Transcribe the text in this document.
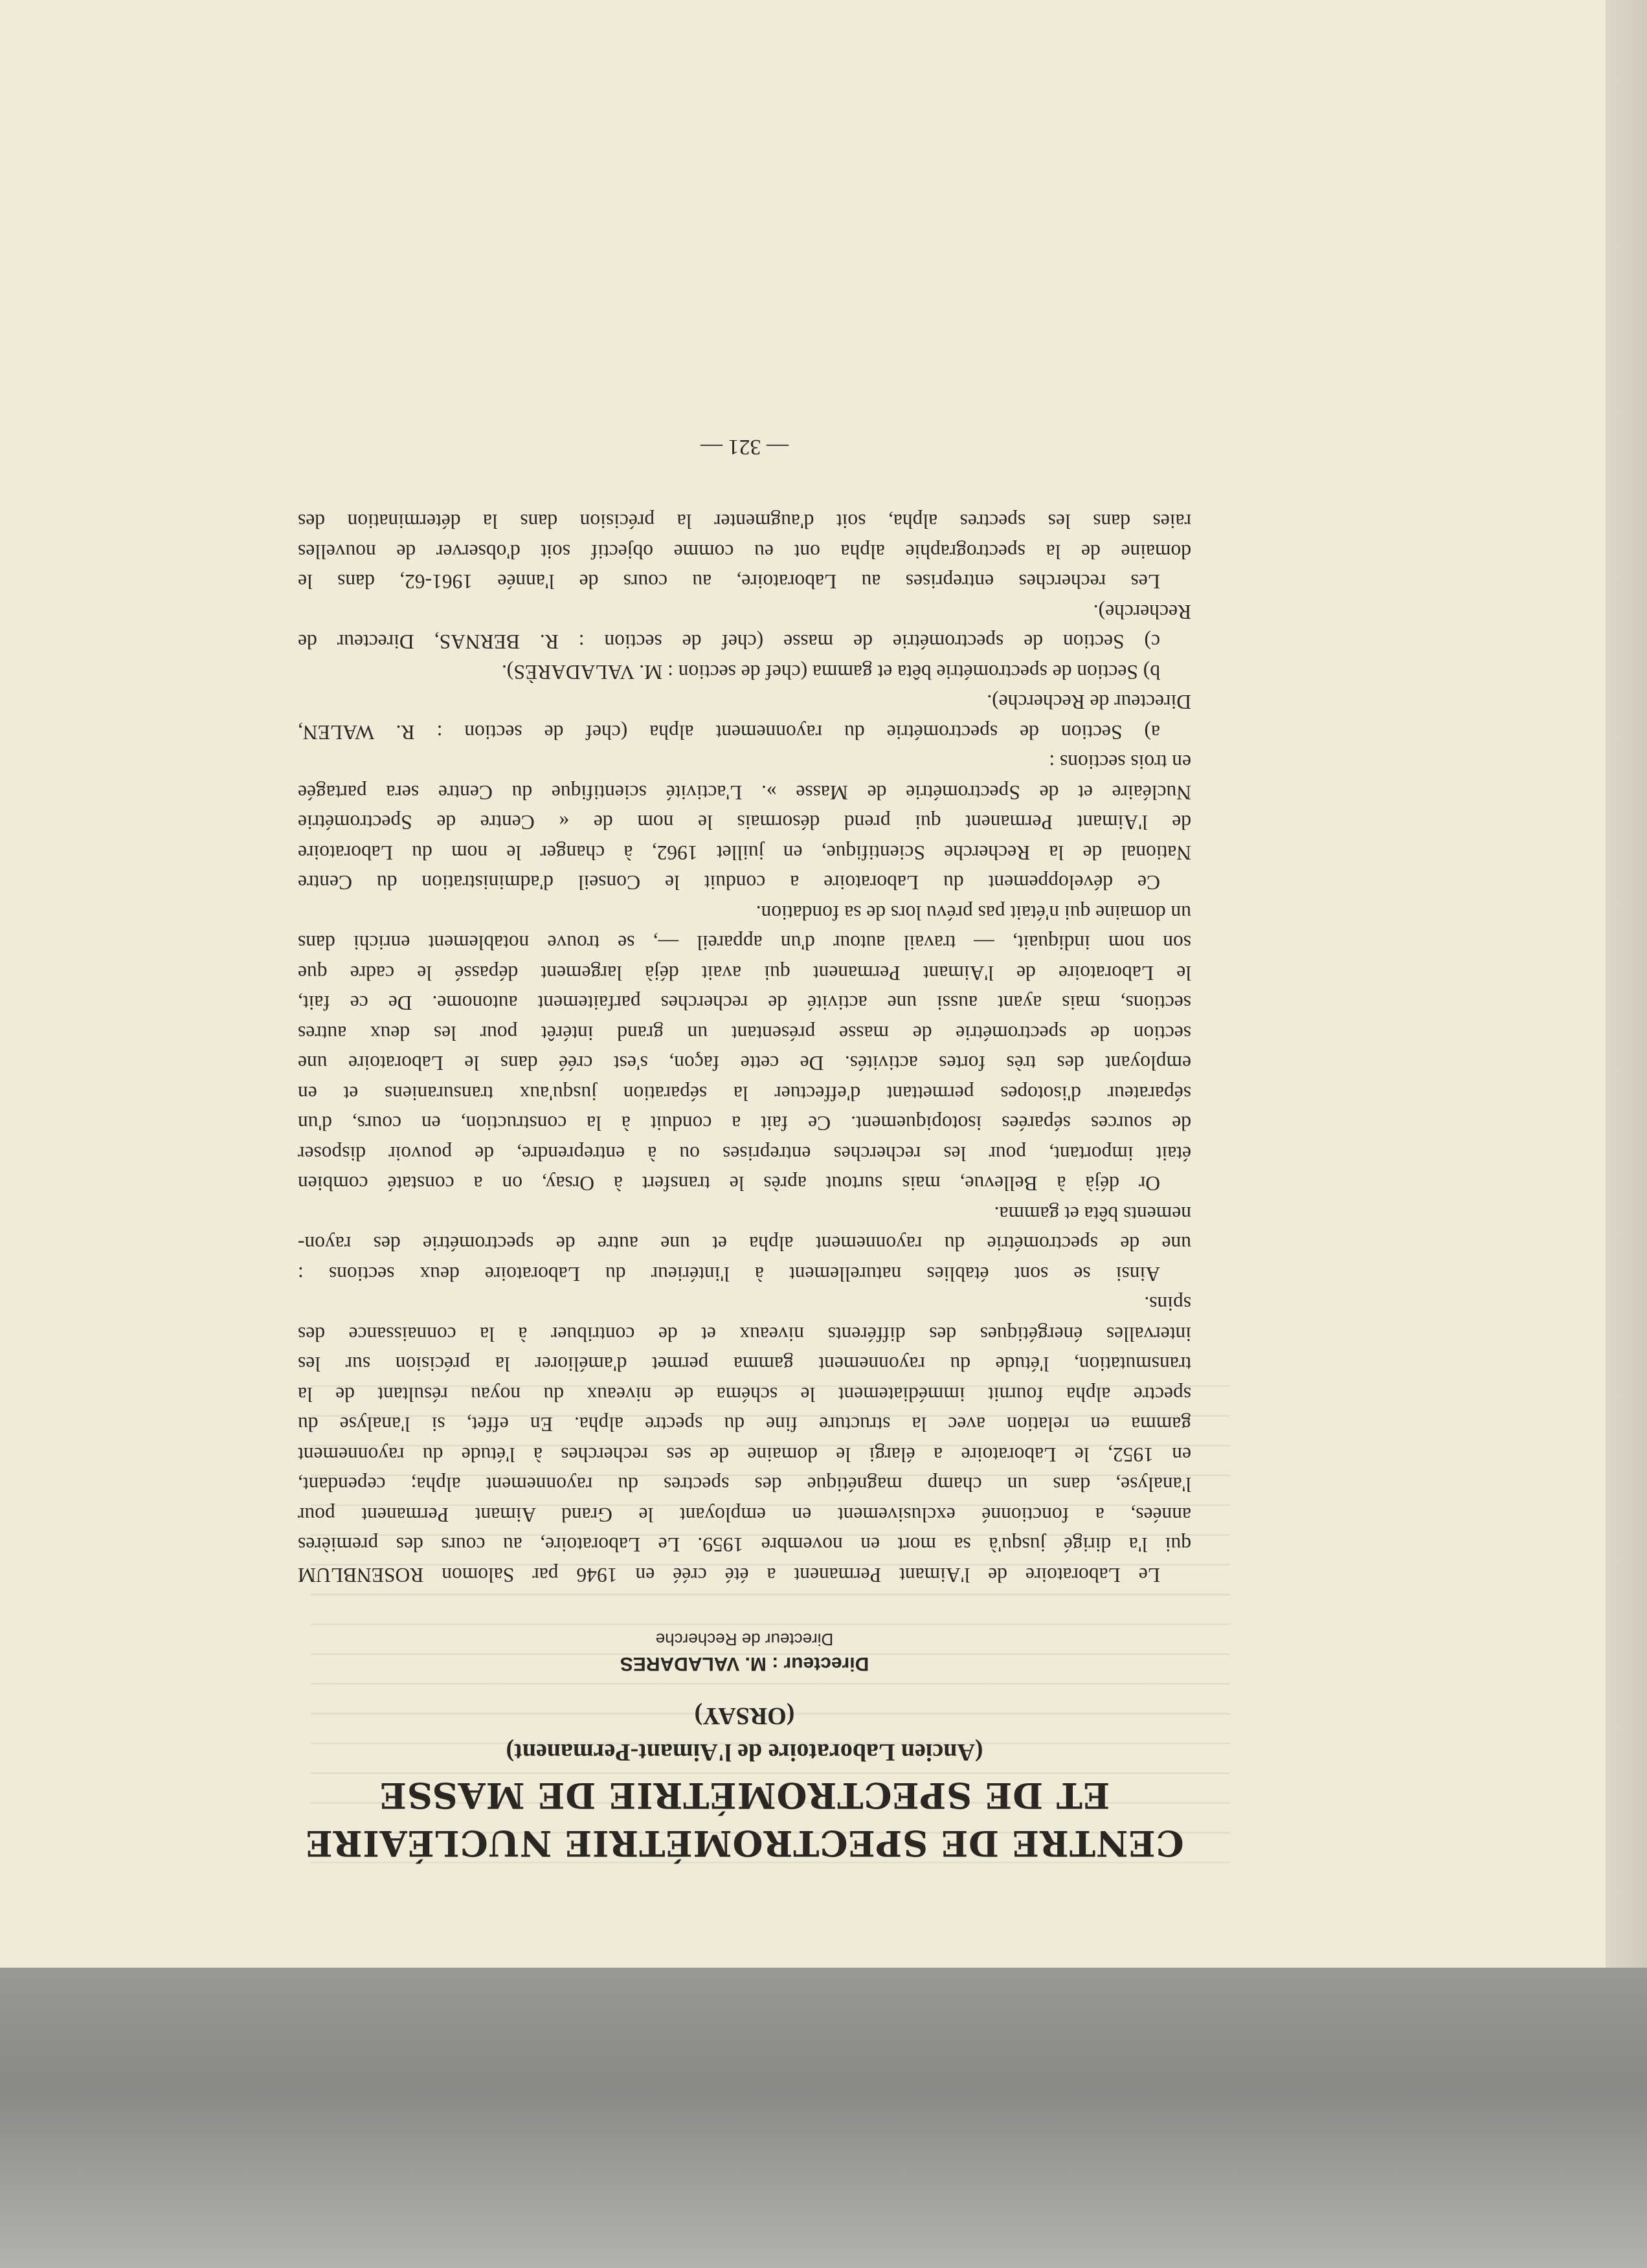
CENTRE DE SPECTROMÉTRIE NUCLÉAIRE
ET DE SPECTROMÉTRIE DE MASSE
(Ancien Laboratoire de l'Aimant-Permanent)
(ORSAY)
Directeur : M. VALADARES
Directeur de Recherche
Le Laboratoire de l'Aimant Permanent a été créé en 1946 par Salomon ROSENBLUM
qui l'a dirigé jusqu'à sa mort en novembre 1959. Le Laboratoire, au cours des premières
années, a fonctionné exclusivement en employant le Grand Aimant Permanent pour
l'analyse, dans un champ magnétique des spectres du rayonnement alpha; cependant,
en 1952, le Laboratoire a élargi le domaine de ses recherches à l'étude du rayonnement
gamma en relation avec la structure fine du spectre alpha. En effet, si l'analyse du
spectre alpha fournit immédiatement le schéma de niveaux du noyau résultant de la
transmutation, l'étude du rayonnement gamma permet d'améliorer la précision sur les
intervalles énergétiques des différents niveaux et de contribuer à la connaissance des
spins.
Ainsi se sont établies naturellement à l'intérieur du Laboratoire deux sections :
une de spectrométrie du rayonnement alpha et une autre de spectrométrie des rayon-
nements bêta et gamma.
Or déjà à Bellevue, mais surtout après le transfert à Orsay, on a constaté combien
était important, pour les recherches entreprises ou à entreprendre, de pouvoir disposer
de sources séparées isotopiquement. Ce fait a conduit à la construction, en cours, d'un
séparateur d'isotopes permettant d'effectuer la séparation jusqu'aux transuraniens et en
employant des très fortes activités. De cette façon, s'est créé dans le Laboratoire une
section de spectrométrie de masse présentant un grand intérêt pour les deux autres
sections, mais ayant aussi une activité de recherches parfaitement autonome. De ce fait,
le Laboratoire de l'Aimant Permanent qui avait déjà largement dépassé le cadre que
son nom indiquait, — travail autour d'un appareil —, se trouve notablement enrichi dans
un domaine qui n'était pas prévu lors de sa fondation.
Ce développement du Laboratoire a conduit le Conseil d'administration du Centre
National de la Recherche Scientifique, en juillet 1962, à changer le nom du Laboratoire
de l'Aimant Permanent qui prend désormais le nom de « Centre de Spectrométrie
Nucléaire et de Spectrométrie de Masse ». L'activité scientifique du Centre sera partagée
en trois sections :
a) Section de spectrométrie du rayonnement alpha (chef de section : R. WALEN,
Directeur de Recherche).
b) Section de spectrométrie bêta et gamma (chef de section : M. VALADARÈS).
c) Section de spectrométrie de masse (chef de section : R. BERNAS, Directeur de
Recherche).
Les recherches entreprises au Laboratoire, au cours de l'année 1961-62, dans le
domaine de la spectrographie alpha ont eu comme objectif soit d'observer de nouvelles
raies dans les spectres alpha, soit d'augmenter la précision dans la détermination des
— 321 —
